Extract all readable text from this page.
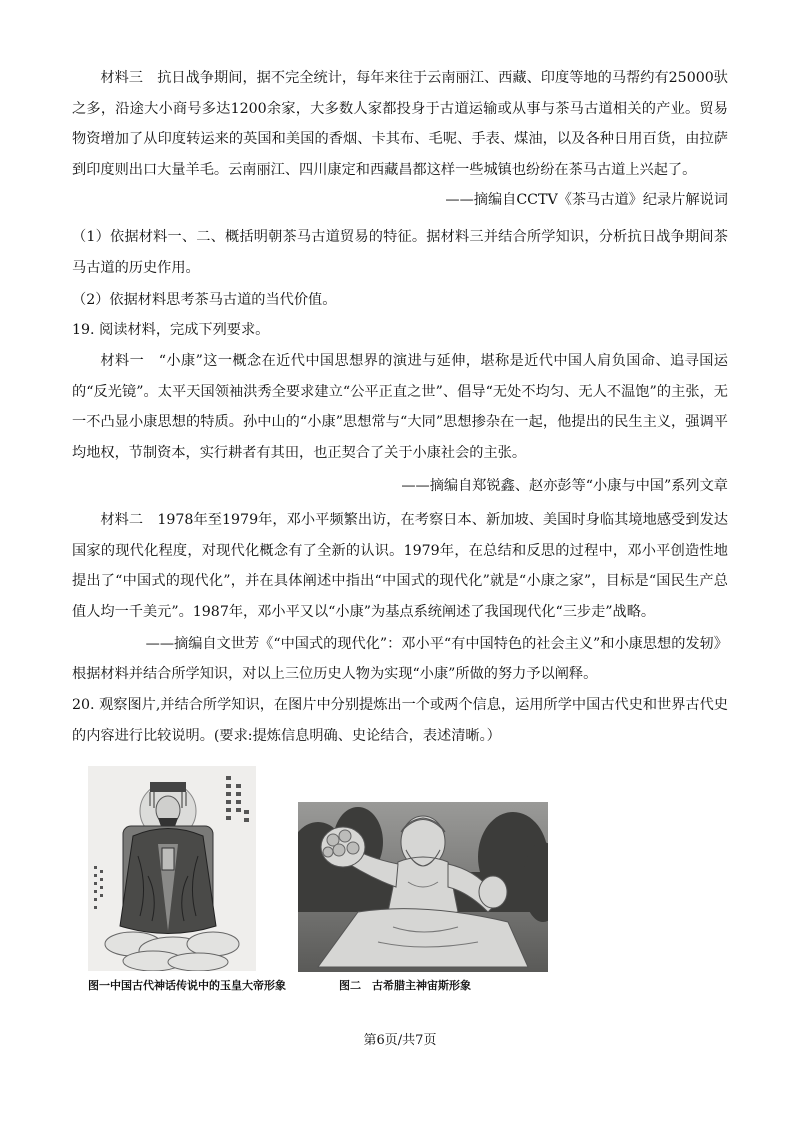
材料三　抗日战争期间，据不完全统计，每年来往于云南丽江、西藏、印度等地的马帮约有25000驮之多，沿途大小商号多达1200余家，大多数人家都投身于古道运输或从事与茶马古道相关的产业。贸易物资增加了从印度转运来的英国和美国的香烟、卡其布、毛呢、手表、煤油，以及各种日用百货，由拉萨到印度则出口大量羊毛。云南丽江、四川康定和西藏昌都这样一些城镇也纷纷在茶马古道上兴起了。

——摘编自CCTV《茶马古道》纪录片解说词

（1）依据材料一、二、概括明朝茶马古道贸易的特征。据材料三并结合所学知识，分析抗日战争期间茶马古道的历史作用。

（2）依据材料思考茶马古道的当代价值。

19. 阅读材料，完成下列要求。

材料一　“小康”这一概念在近代中国思想界的演进与延伸，堪称是近代中国人肩负国命、追寻国运的“反光镜”。太平天国领袖洪秀全要求建立“公平正直之世”、倡导“无处不均匀、无人不温饱”的主张，无一不凸显小康思想的特质。孙中山的“小康”思想常与“大同”思想掺杂在一起，他提出的民生主义，强调平均地权，节制资本，实行耕者有其田，也正契合了关于小康社会的主张。

——摘编自郑锐鑫、赵亦彭等“小康与中国”系列文章

材料二　1978年至1979年，邓小平频繁出访，在考察日本、新加坡、美国时身临其境地感受到发达国家的现代化程度，对现代化概念有了全新的认识。1979年，在总结和反思的过程中，邓小平创造性地提出了“中国式的现代化”，并在具体阐述中指出“中国式的现代化”就是“小康之家”，目标是“国民生产总值人均一千美元”。1987年，邓小平又以“小康”为基点系统阐述了我国现代化“三步走”战略。

——摘编自文世芳《“中国式的现代化”：邓小平“有中国特色的社会主义”和小康思想的发轫》

根据材料并结合所学知识，对以上三位历史人物为实现“小康”所做的努力予以阐释。

20. 观察图片,并结合所学知识，在图片中分别提炼出一个或两个信息，运用所学中国古代史和世界古代史的内容进行比较说明。(要求:提炼信息明确、史论结合，表述清晰。）

图一中国古代神话传说中的玉皇大帝形象	图二　古希腊主神宙斯形象
第6页/共7页
